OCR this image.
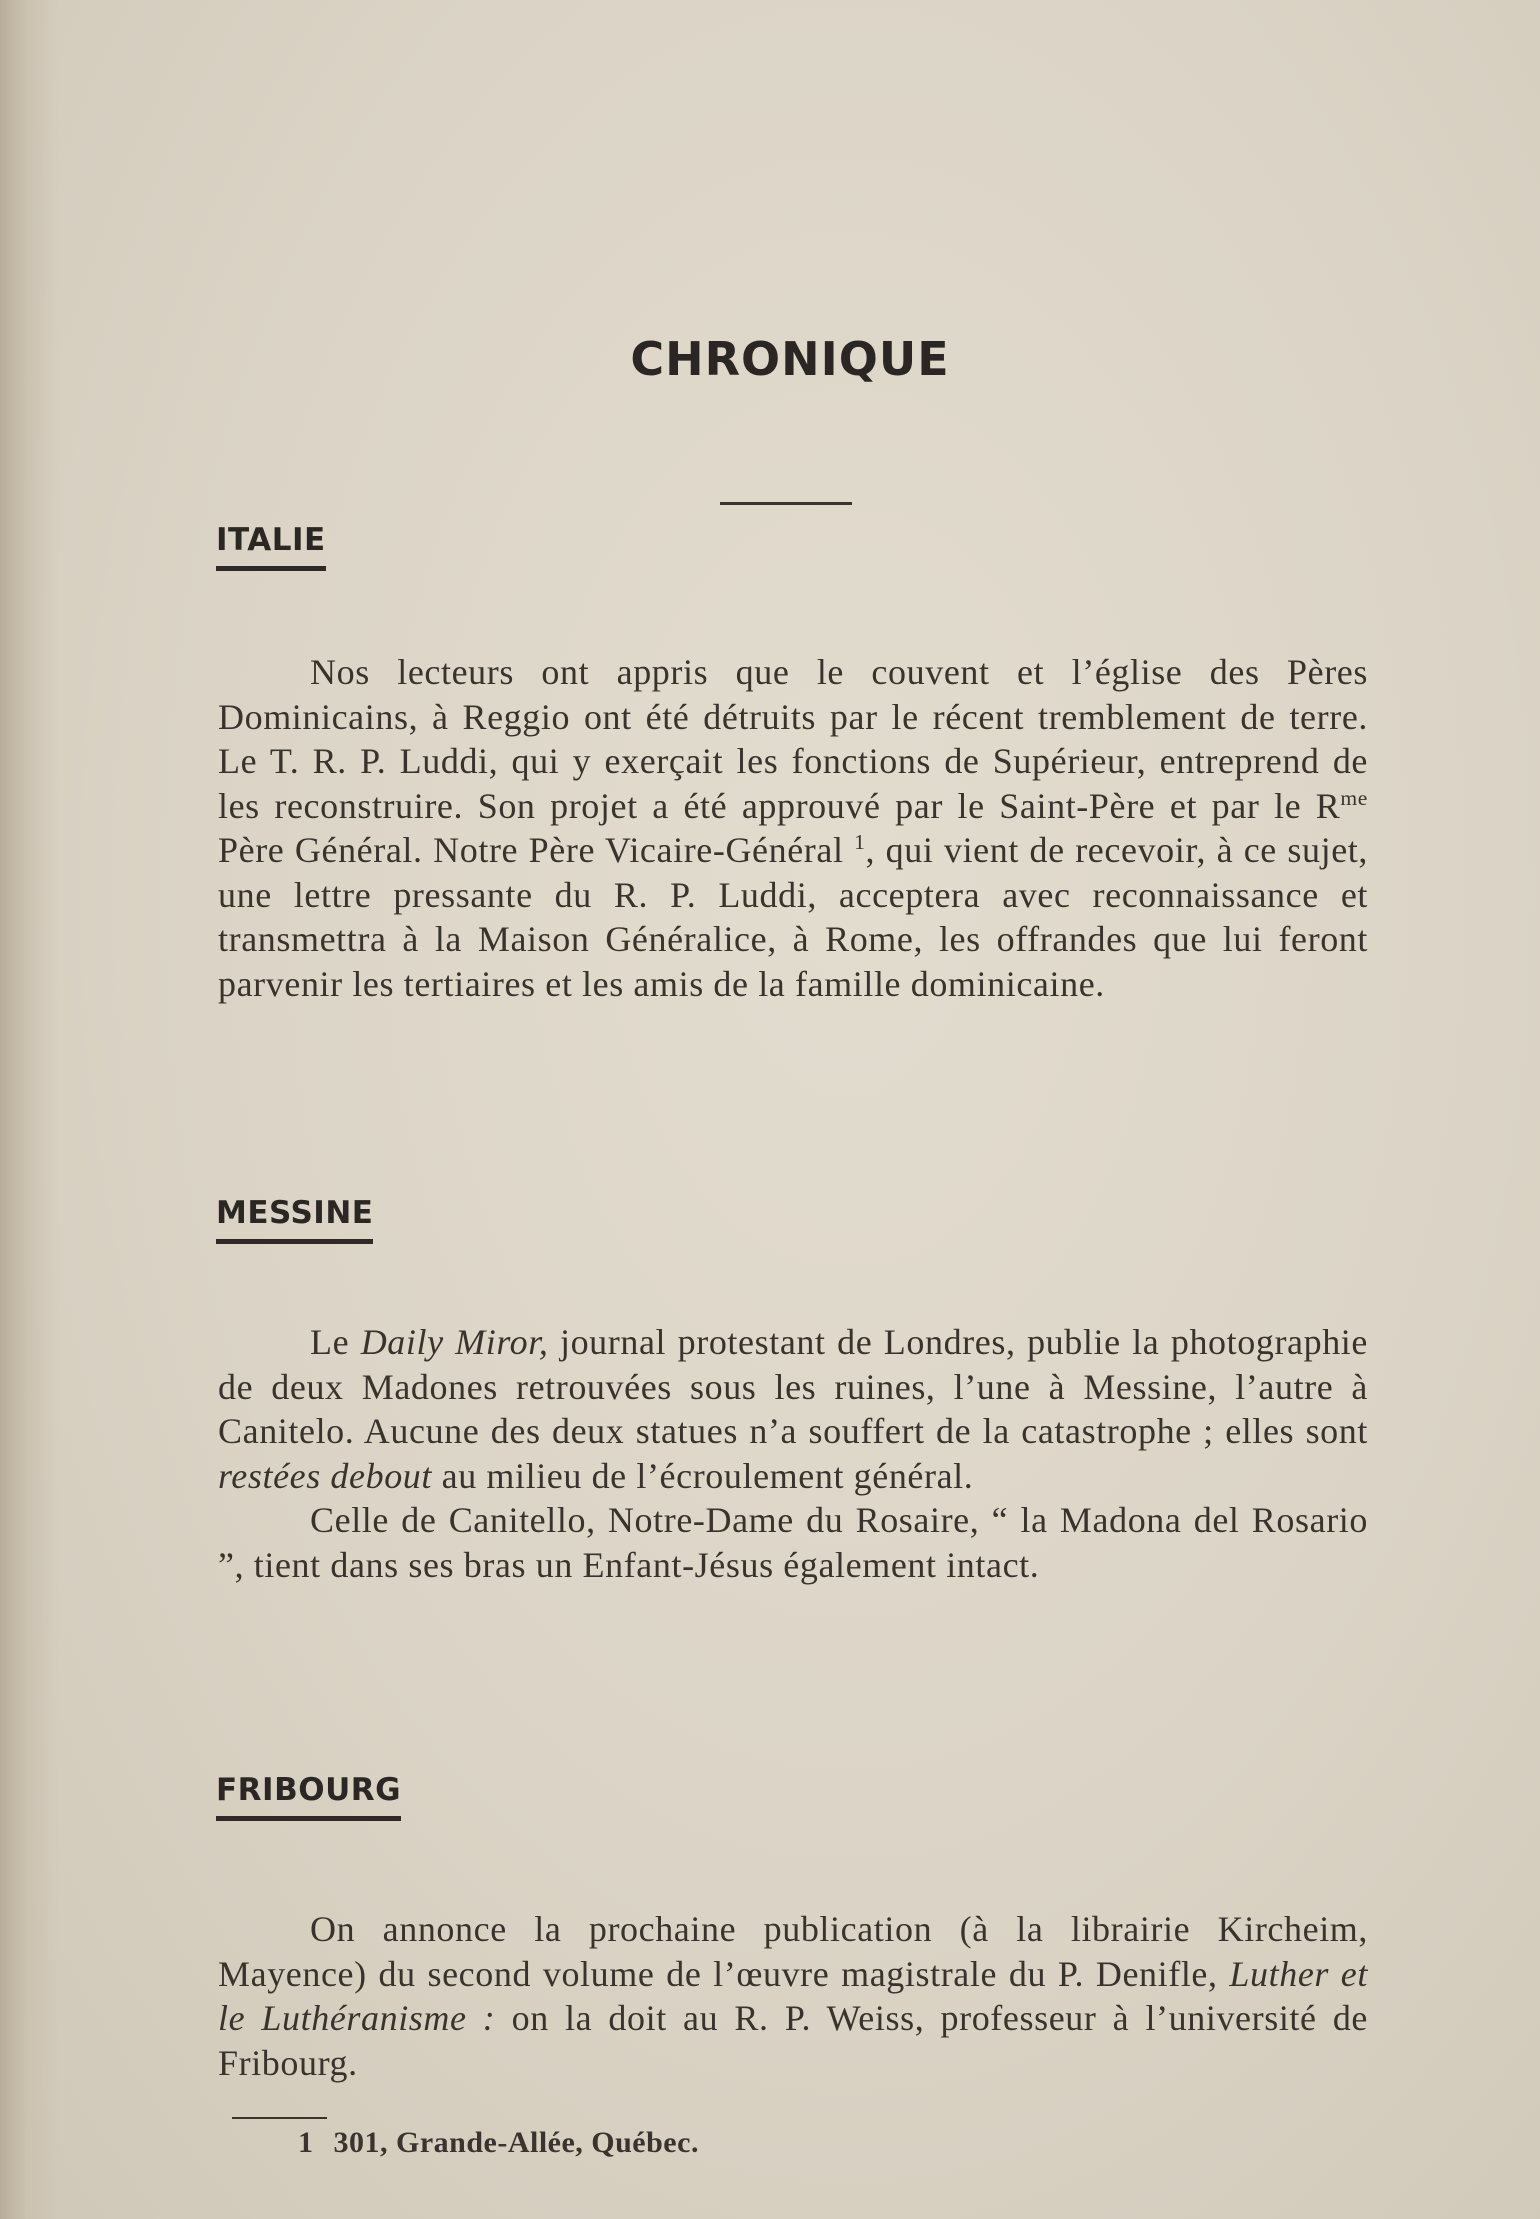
CHRONIQUE
ITALIE

Nos lecteurs ont appris que le couvent et l’église des Pères Dominicains, à Reggio ont été détruits par le récent tremblement de terre. Le T. R. P. Luddi, qui y exerçait les fonctions de Supérieur, entreprend de les reconstruire. Son projet a été approuvé par le Saint-Père et par le $R^{me}$ Père Général. Notre Père Vicaire-Général $^1$, qui vient de recevoir, à ce sujet, une lettre pressante du R. P. Luddi, acceptera avec reconnaissance et transmettra à la Maison Généralice, à Rome, les offrandes que lui feront parvenir les tertiaires et les amis de la famille dominicaine.

MESSINE

Le Daily Miror, journal protestant de Londres, publie la photographie de deux Madones retrouvées sous les ruines, l’une à Messine, l’autre à Canitelo. Aucune des deux statues n’a souffert de la catastrophe ; elles sont restées debout au milieu de l’écroulement général.

Celle de Canitello, Notre-Dame du Rosaire, “ la Madona del Rosario ”, tient dans ses bras un Enfant-Jésus également intact.

FRIBOURG

On annonce la prochaine publication (à la librairie Kircheim, Mayence) du second volume de l’œuvre magistrale du P. Denifle, Luther et le Luthéranisme : on la doit au R. P. Weiss, professeur à l’université de Fribourg.

1 301, Grande-Allée, Québec.
